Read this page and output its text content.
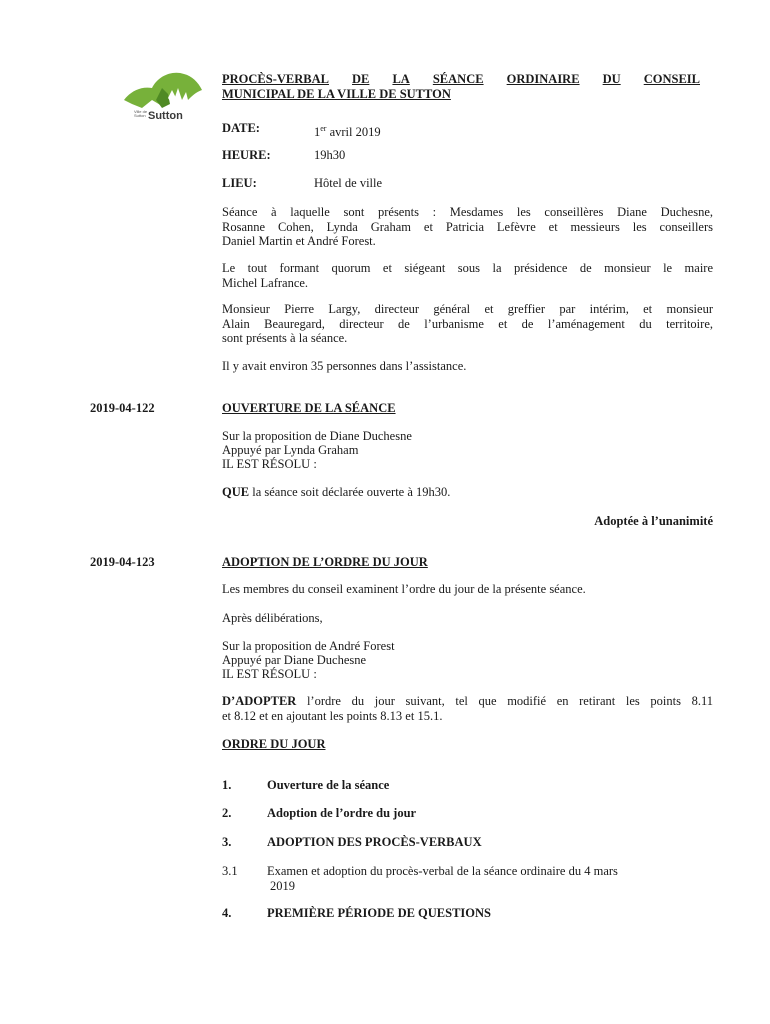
Ville de Sutton Sutton
PROCÈS-VERBAL DE LA SÉANCE ORDINAIRE DU CONSEIL
MUNICIPAL DE LA VILLE DE SUTTON
DATE:	1er avril 2019
HEURE:	19h30
LIEU:	Hôtel de ville
Séance à laquelle sont présents : Mesdames les conseillères Diane Duchesne,
Rosanne Cohen, Lynda Graham et Patricia Lefèvre et messieurs les conseillers
Daniel Martin et André Forest.
Le tout formant quorum et siégeant sous la présidence de monsieur le maire
Michel Lafrance.
Monsieur Pierre Largy, directeur général et greffier par intérim, et monsieur
Alain Beauregard, directeur de l’urbanisme et de l’aménagement du territoire,
sont présents à la séance.
Il y avait environ 35 personnes dans l’assistance.
2019-04-122	OUVERTURE DE LA SÉANCE
Sur la proposition de Diane Duchesne
Appuyé par Lynda Graham
IL EST RÉSOLU :
QUE la séance soit déclarée ouverte à 19h30.
Adoptée à l’unanimité
2019-04-123	ADOPTION DE L’ORDRE DU JOUR
Les membres du conseil examinent l’ordre du jour de la présente séance.
Après délibérations,
Sur la proposition de André Forest
Appuyé par Diane Duchesne
IL EST RÉSOLU :
D’ADOPTER l’ordre du jour suivant, tel que modifié en retirant les points 8.11
et 8.12 et en ajoutant les points 8.13 et 15.1.
ORDRE DU JOUR
1.	Ouverture de la séance
2.	Adoption de l’ordre du jour
3.	ADOPTION DES PROCÈS-VERBAUX
3.1 Examen et adoption du procès-verbal de la séance ordinaire du 4 mars
2019
4.	PREMIÈRE PÉRIODE DE QUESTIONS
